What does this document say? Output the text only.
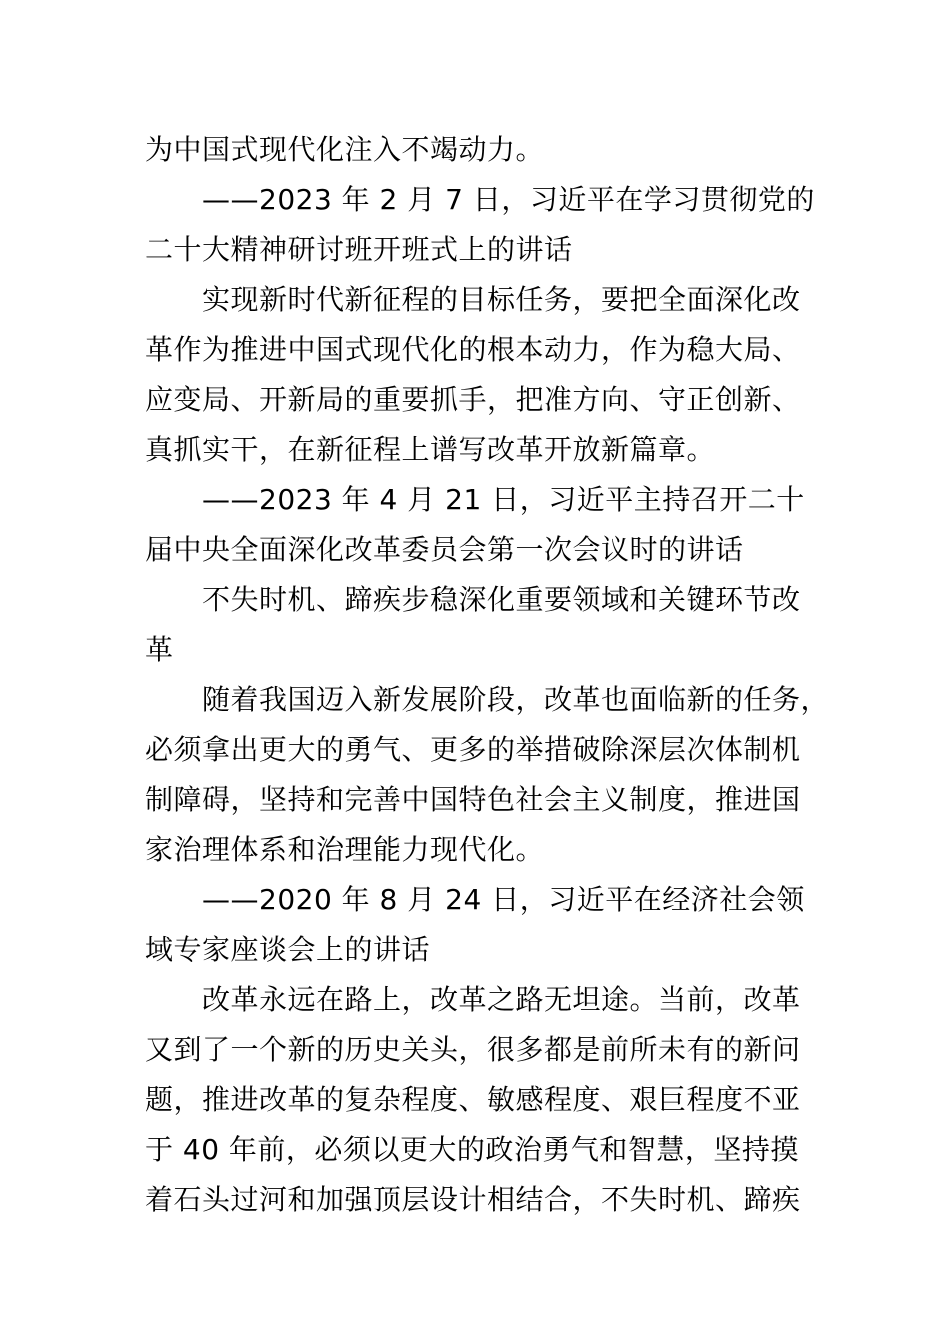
为中国式现代化注入不竭动力。
——2023 年 2 月 7 日，习近平在学习贯彻党的
二十大精神研讨班开班式上的讲话
实现新时代新征程的目标任务，要把全面深化改
革作为推进中国式现代化的根本动力，作为稳大局、
应变局、开新局的重要抓手，把准方向、守正创新、
真抓实干，在新征程上谱写改革开放新篇章。
——2023 年 4 月 21 日，习近平主持召开二十
届中央全面深化改革委员会第一次会议时的讲话
不失时机、蹄疾步稳深化重要领域和关键环节改
革
随着我国迈入新发展阶段，改革也面临新的任务，
必须拿出更大的勇气、更多的举措破除深层次体制机
制障碍，坚持和完善中国特色社会主义制度，推进国
家治理体系和治理能力现代化。
——2020 年 8 月 24 日，习近平在经济社会领
域专家座谈会上的讲话
改革永远在路上，改革之路无坦途。当前，改革
又到了一个新的历史关头，很多都是前所未有的新问
题，推进改革的复杂程度、敏感程度、艰巨程度不亚
于 40 年前，必须以更大的政治勇气和智慧，坚持摸
着石头过河和加强顶层设计相结合，不失时机、蹄疾
